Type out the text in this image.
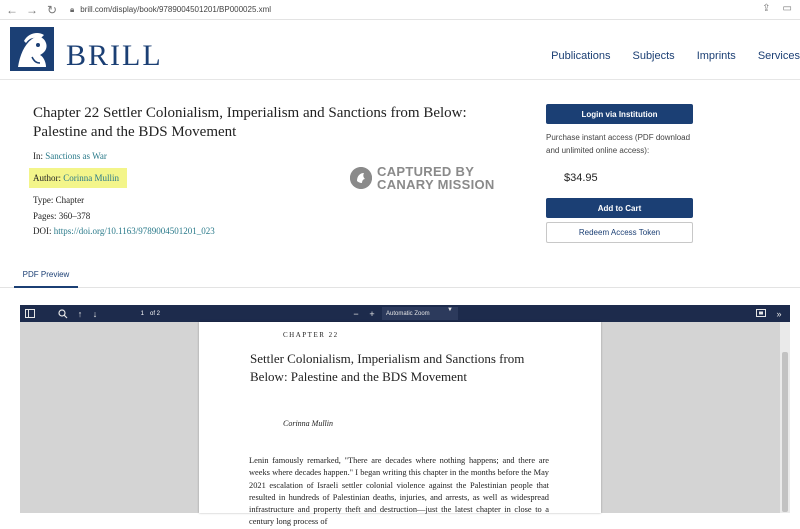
← → ↻	🔒︎ brill.com/display/book/9789004501201/BP000025.xml	⇪ ▭
BRILL	Publications Subjects Imprints Services
Chapter 22 Settler Colonialism, Imperialism and Sanctions from Below: Palestine and the BDS Movement
In: Sanctions as War
Author: Corinna Mullin
Type: Chapter
Pages: 360–378
DOI: https://doi.org/10.1163/9789004501201_023
CAPTURED BY
CANARY MISSION
Login via Institution
Purchase instant access (PDF download and unlimited online access):
$34.95
Add to Cart
Redeem Access Token
PDF Preview
↑	↓	1 of 2	−	+	Automatic Zoom
▼	»
CHAPTER 22
Settler Colonialism, Imperialism and Sanctions from Below: Palestine and the BDS Movement
Corinna Mullin
Lenin famously remarked, "There are decades where nothing happens; and there are weeks where decades happen." I began writing this chapter in the months before the May 2021 escalation of Israeli settler colonial violence against the Palestinian people that resulted in hundreds of Palestinian deaths, injuries, and arrests, as well as widespread infrastructure and property theft and destruction—just the latest chapter in close to a century long process of
